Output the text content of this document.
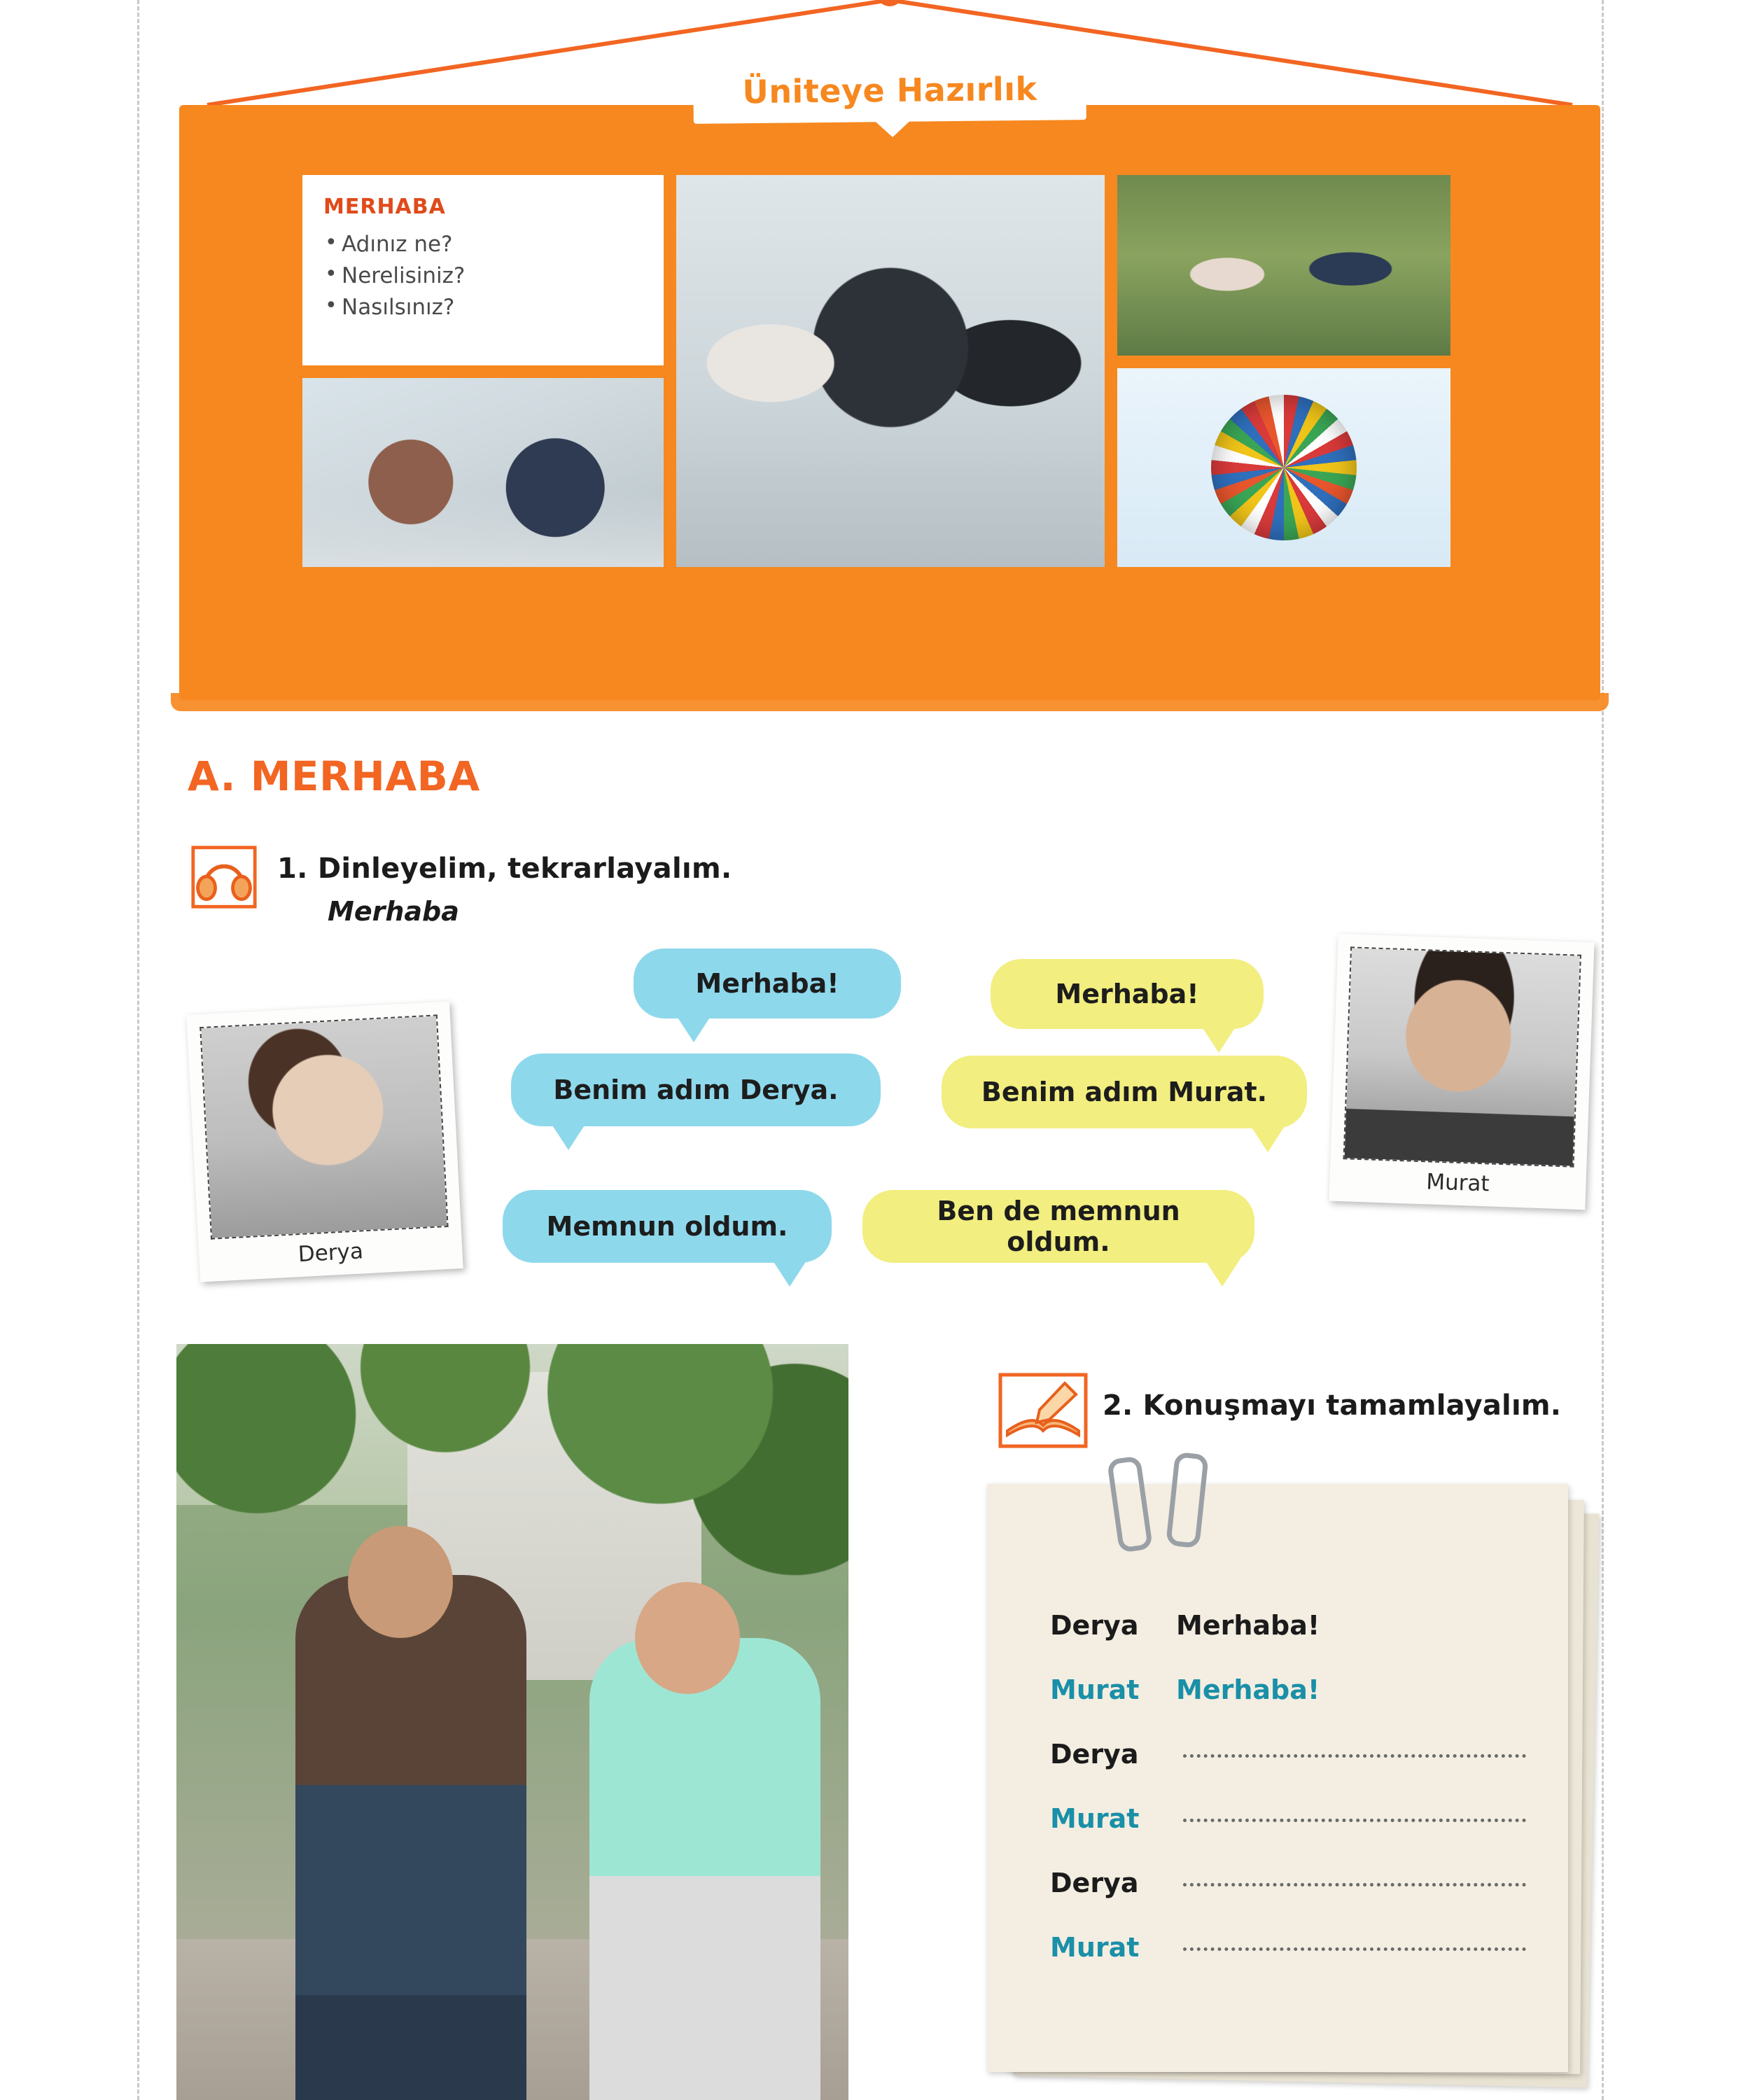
Üniteye Hazırlık
MERHABA
• Adınız ne?
• Nerelisiniz?
• Nasılsınız?
A. MERHABA
1. Dinleyelim, tekrarlayalım.
Merhaba
Derya
Murat
Merhaba!
Benim adım Derya.
Memnun oldum.
Merhaba!
Benim adım Murat.
Ben de memnun oldum.
2. Konuşmayı tamamlayalım.
Derya	Merhaba!
Murat	Merhaba!
Derya
Murat
Derya
Murat
